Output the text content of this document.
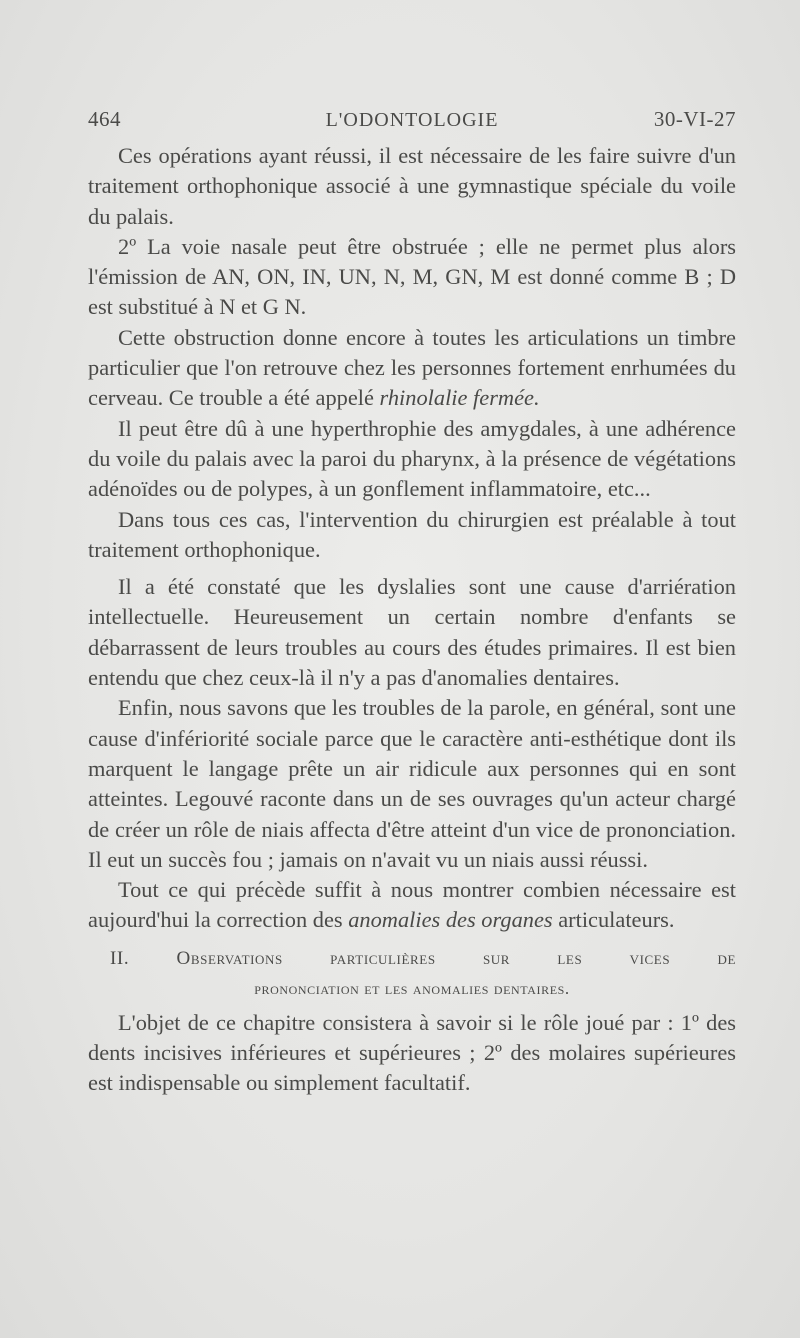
464	L'ODONTOLOGIE	30-VI-27

Ces opérations ayant réussi, il est nécessaire de les faire suivre d'un traitement orthophonique associé à une gymnastique spéciale du voile du palais.

2º La voie nasale peut être obstruée ; elle ne permet plus alors l'émission de AN, ON, IN, UN, N, M, GN, M est donné comme B ; D est substitué à N et G N.

Cette obstruction donne encore à toutes les articulations un timbre particulier que l'on retrouve chez les personnes fortement enrhumées du cerveau. Ce trouble a été appelé rhinolalie fermée.

Il peut être dû à une hyperthrophie des amygdales, à une adhérence du voile du palais avec la paroi du pharynx, à la présence de végétations adénoïdes ou de polypes, à un gonflement inflammatoire, etc...

Dans tous ces cas, l'intervention du chirurgien est préalable à tout traitement orthophonique.

Il a été constaté que les dyslalies sont une cause d'arriération intellectuelle. Heureusement un certain nombre d'enfants se débarrassent de leurs troubles au cours des études primaires. Il est bien entendu que chez ceux-là il n'y a pas d'anomalies dentaires.

Enfin, nous savons que les troubles de la parole, en général, sont une cause d'infériorité sociale parce que le caractère anti-esthétique dont ils marquent le langage prête un air ridicule aux personnes qui en sont atteintes. Legouvé raconte dans un de ses ouvrages qu'un acteur chargé de créer un rôle de niais affecta d'être atteint d'un vice de prononciation. Il eut un succès fou ; jamais on n'avait vu un niais aussi réussi.

Tout ce qui précède suffit à nous montrer combien nécessaire est aujourd'hui la correction des anomalies des organes articulateurs.

II. Observations particulières sur les vices de
prononciation et les anomalies dentaires.

L'objet de ce chapitre consistera à savoir si le rôle joué par : 1º des dents incisives inférieures et supérieures ; 2º des molaires supérieures est indispensable ou simplement facultatif.
